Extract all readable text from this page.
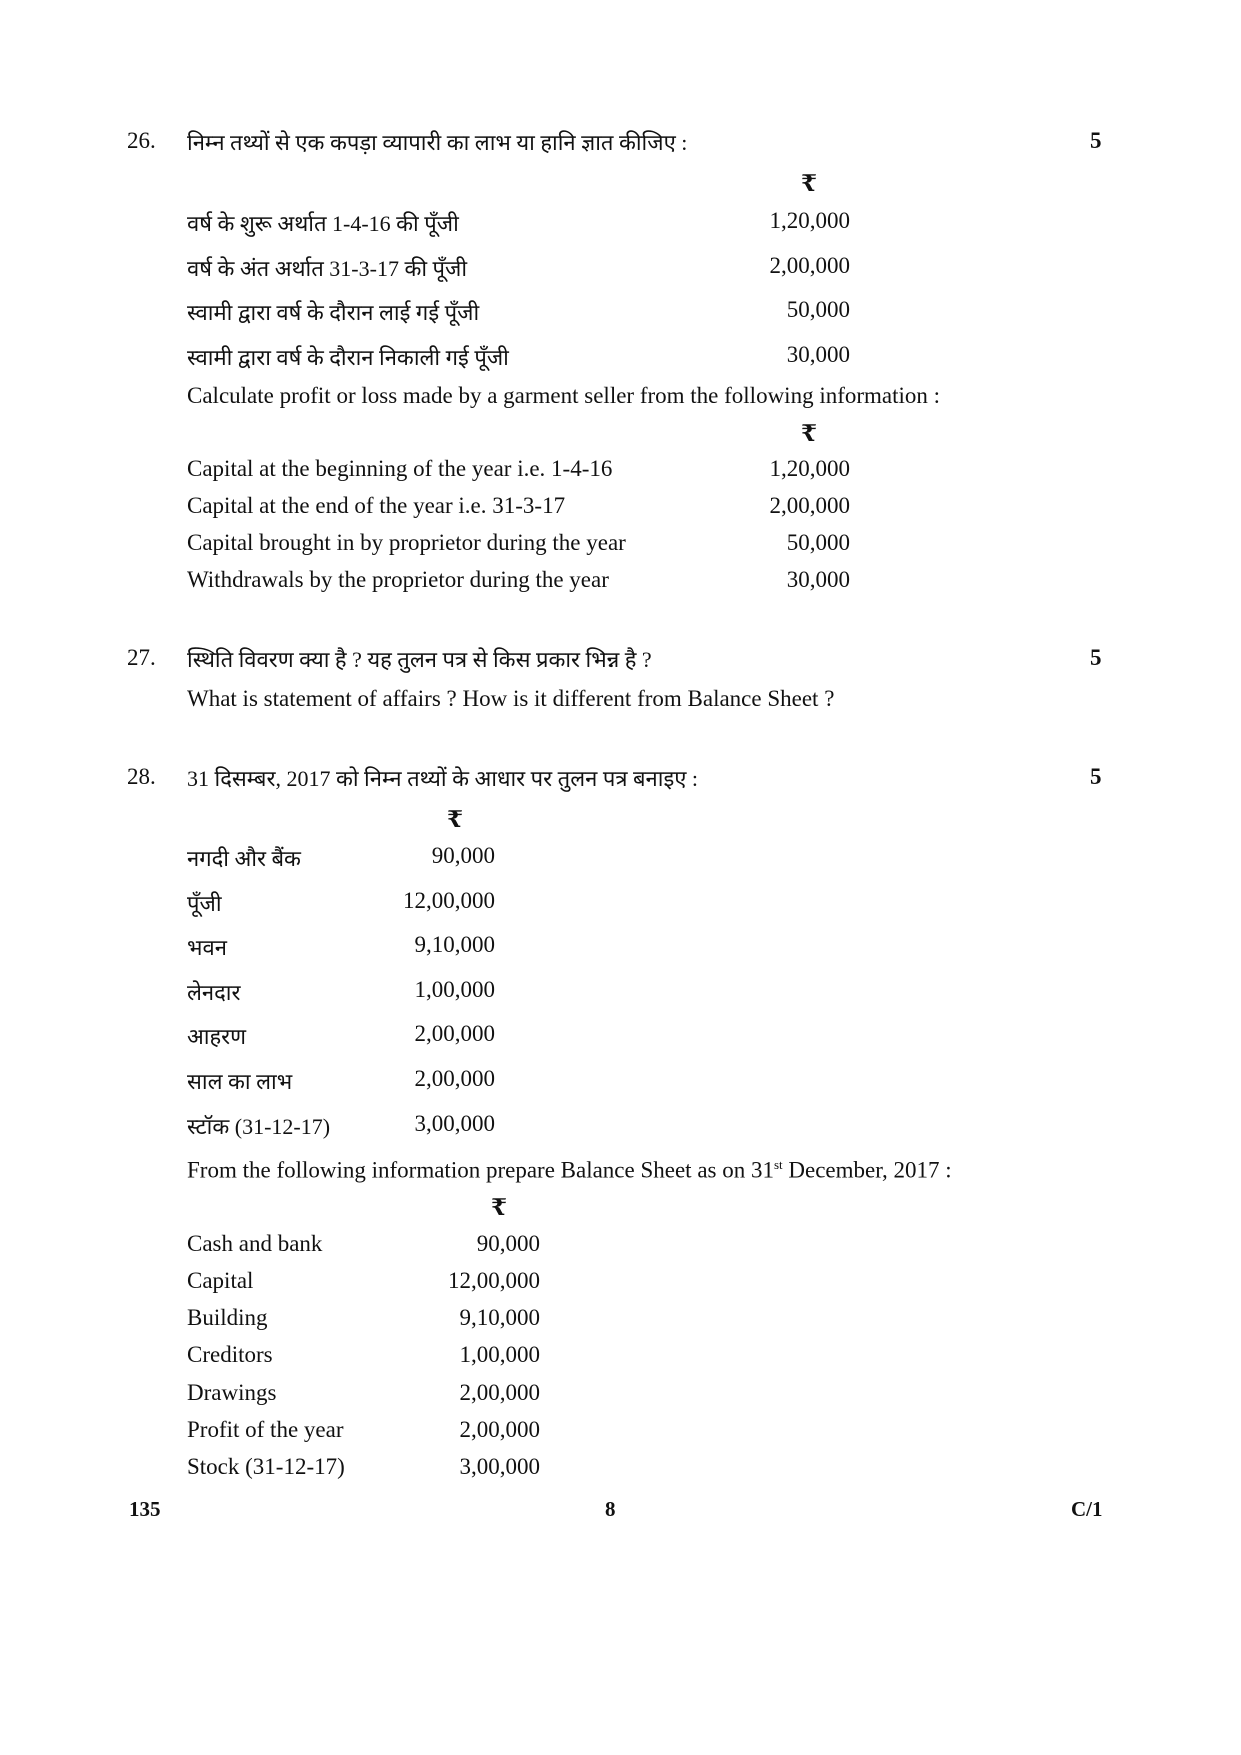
26. निम्न तथ्यों से एक कपड़ा व्यापारी का लाभ या हानि ज्ञात कीजिए :	5
₹
वर्ष के शुरू अर्थात 1-4-16 की पूँजी	1,20,000
वर्ष के अंत अर्थात 31-3-17 की पूँजी	2,00,000
स्वामी द्वारा वर्ष के दौरान लाई गई पूँजी	50,000
स्वामी द्वारा वर्ष के दौरान निकाली गई पूँजी	30,000
Calculate profit or loss made by a garment seller from the following information :
₹
Capital at the beginning of the year i.e. 1-4-16	1,20,000
Capital at the end of the year i.e. 31-3-17	2,00,000
Capital brought in by proprietor during the year	50,000
Withdrawals by the proprietor during the year	30,000
27. स्थिति विवरण क्या है ? यह तुलन पत्र से किस प्रकार भिन्न है ?	5
What is statement of affairs ? How is it different from Balance Sheet ?
28. 31 दिसम्बर, 2017 को निम्न तथ्यों के आधार पर तुलन पत्र बनाइए :	5
₹
नगदी और बैंक	90,000
पूँजी	12,00,000
भवन	9,10,000
लेनदार	1,00,000
आहरण	2,00,000
साल का लाभ	2,00,000
स्टॉक (31-12-17)	3,00,000
From the following information prepare Balance Sheet as on 31st December, 2017 :
₹
Cash and bank	90,000
Capital	12,00,000
Building	9,10,000
Creditors	1,00,000
Drawings	2,00,000
Profit of the year	2,00,000
Stock (31-12-17)	3,00,000
135	8	C/1
